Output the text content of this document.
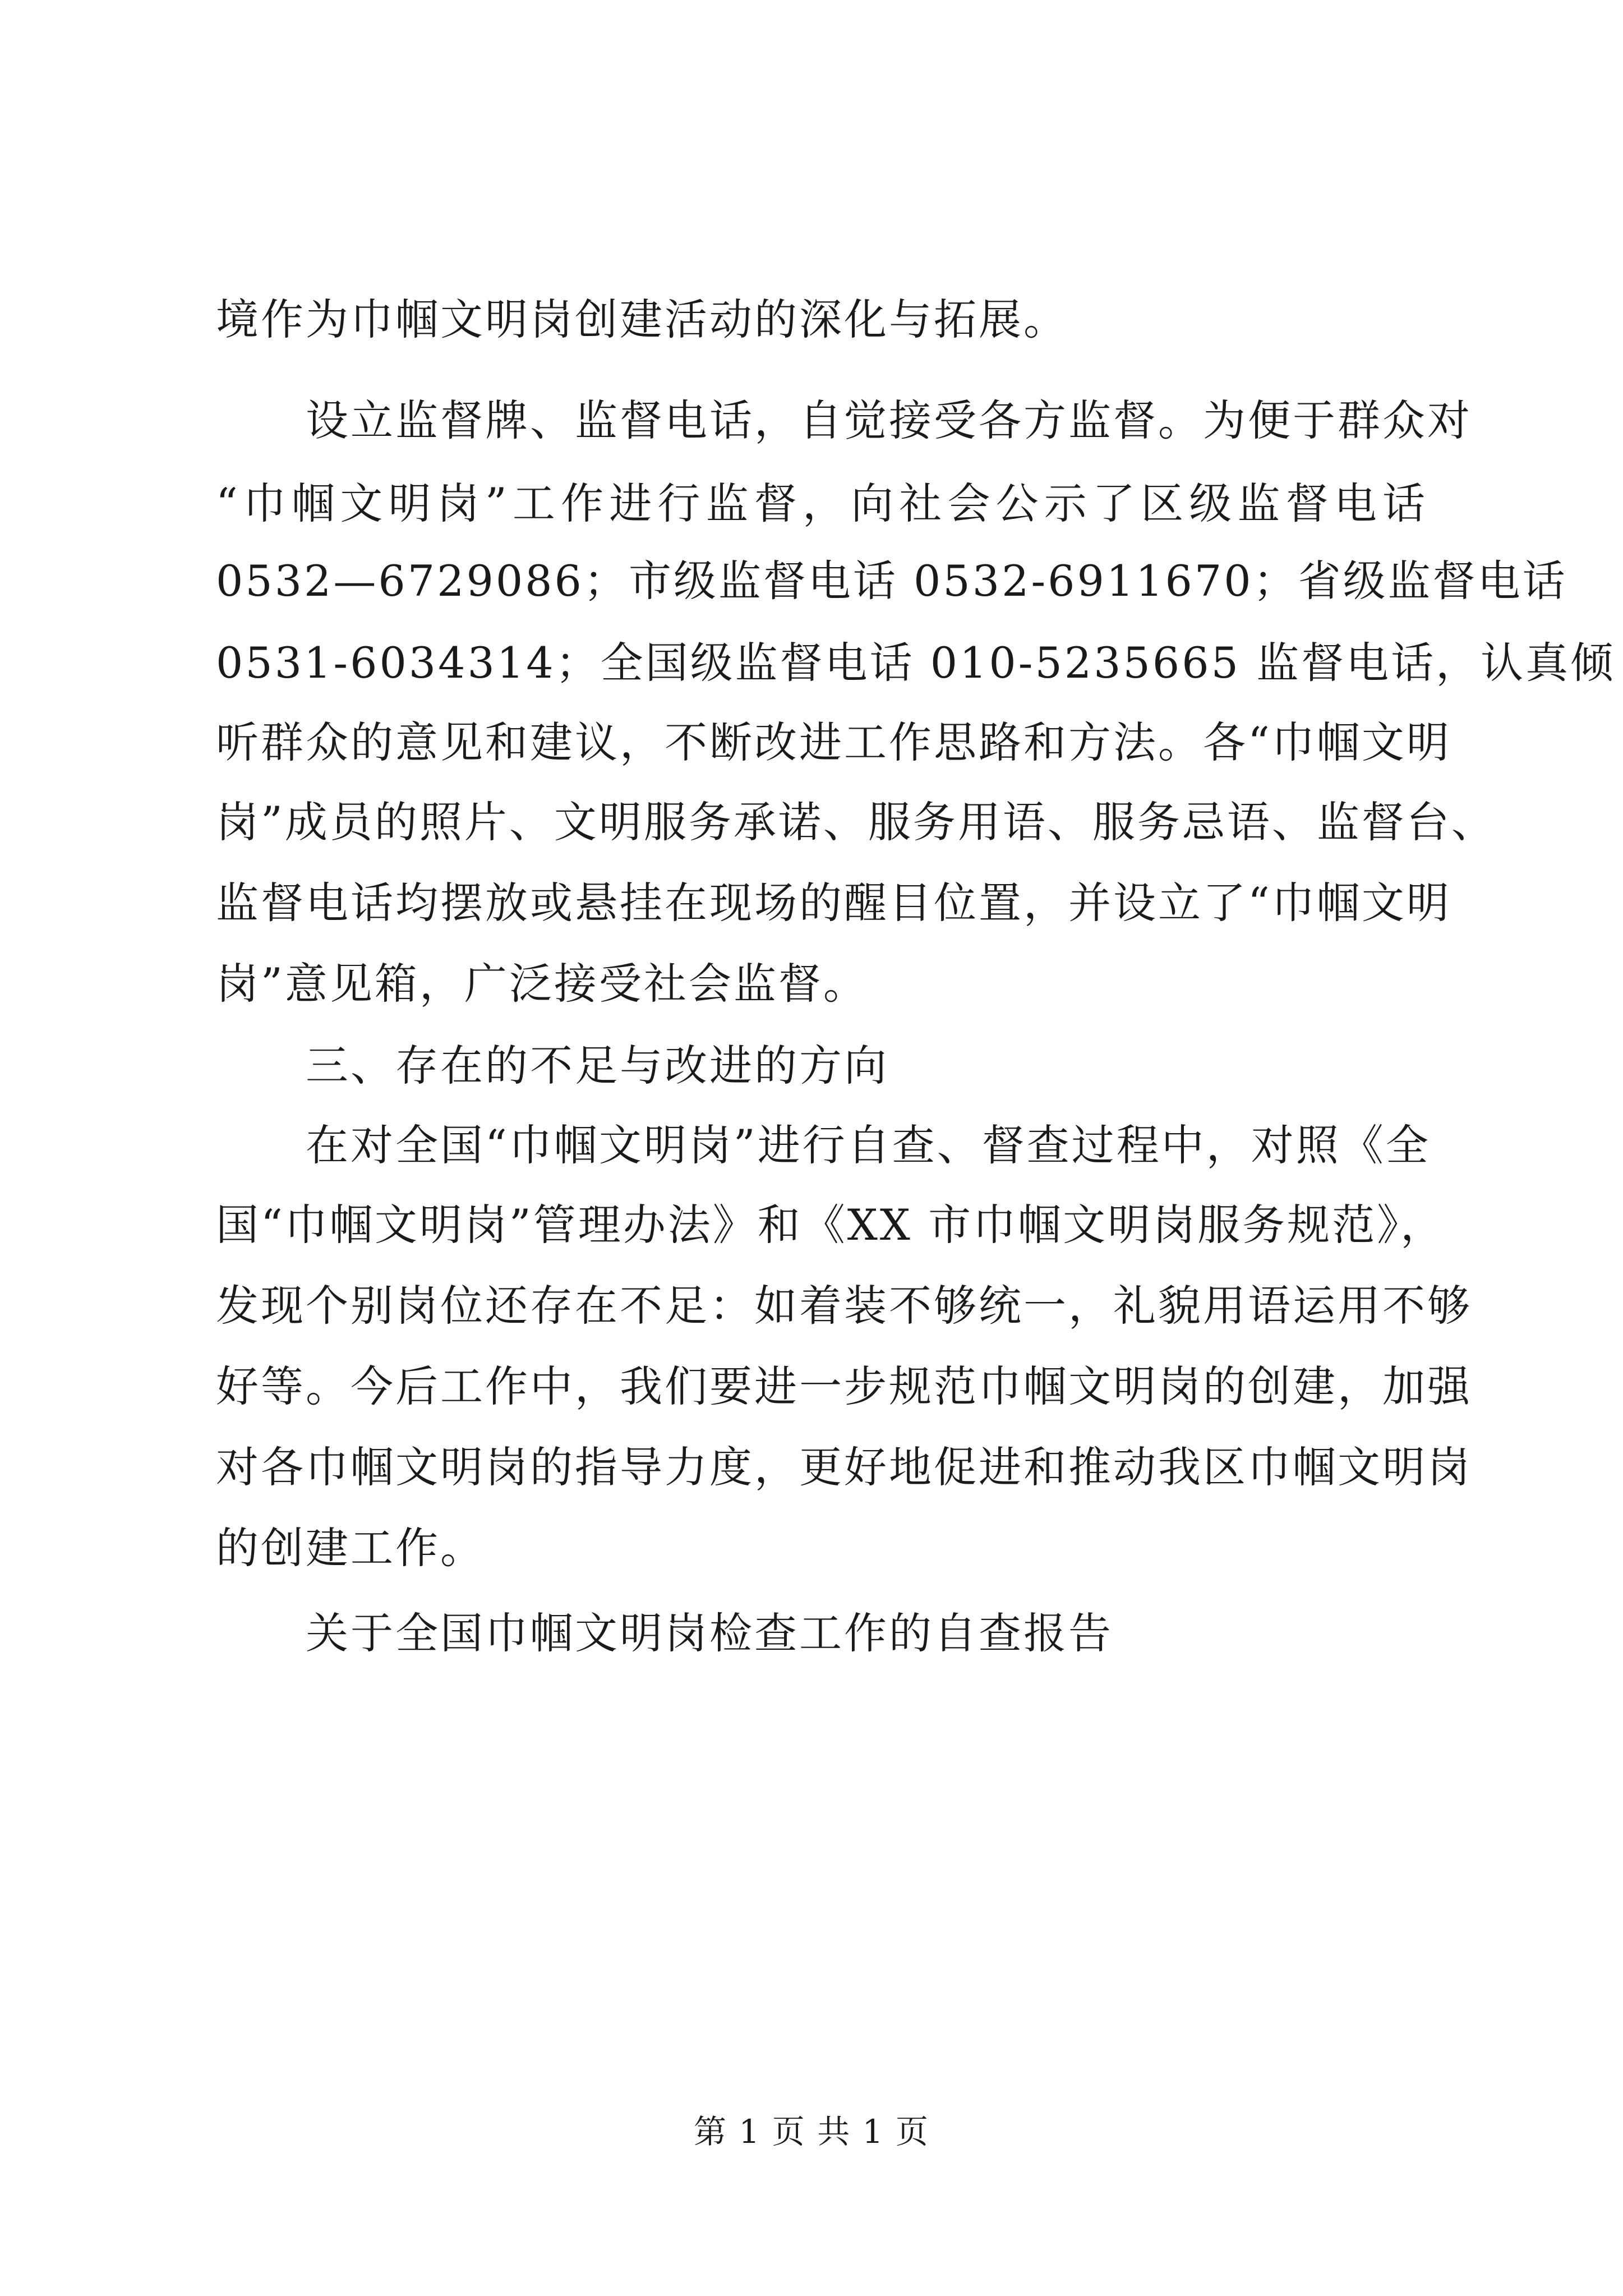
境作为巾帼文明岗创建活动的深化与拓展。
设立监督牌、监督电话，自觉接受各方监督。为便于群众对
“巾帼文明岗”工作进行监督，向社会公示了区级监督电话
0532—6729086；市级监督电话 0532-6911670；省级监督电话
0531-6034314；全国级监督电话 010-5235665 监督电话，认真倾
听群众的意见和建议，不断改进工作思路和方法。各“巾帼文明
岗”成员的照片、文明服务承诺、服务用语、服务忌语、监督台、
监督电话均摆放或悬挂在现场的醒目位置，并设立了“巾帼文明
岗”意见箱，广泛接受社会监督。
三、存在的不足与改进的方向
在对全国“巾帼文明岗”进行自查、督查过程中，对照《全
国“巾帼文明岗”管理办法》和《XX 市巾帼文明岗服务规范》，
发现个别岗位还存在不足：如着装不够统一，礼貌用语运用不够
好等。今后工作中，我们要进一步规范巾帼文明岗的创建，加强
对各巾帼文明岗的指导力度，更好地促进和推动我区巾帼文明岗
的创建工作。
关于全国巾帼文明岗检查工作的自查报告
第 1 页 共 1 页
